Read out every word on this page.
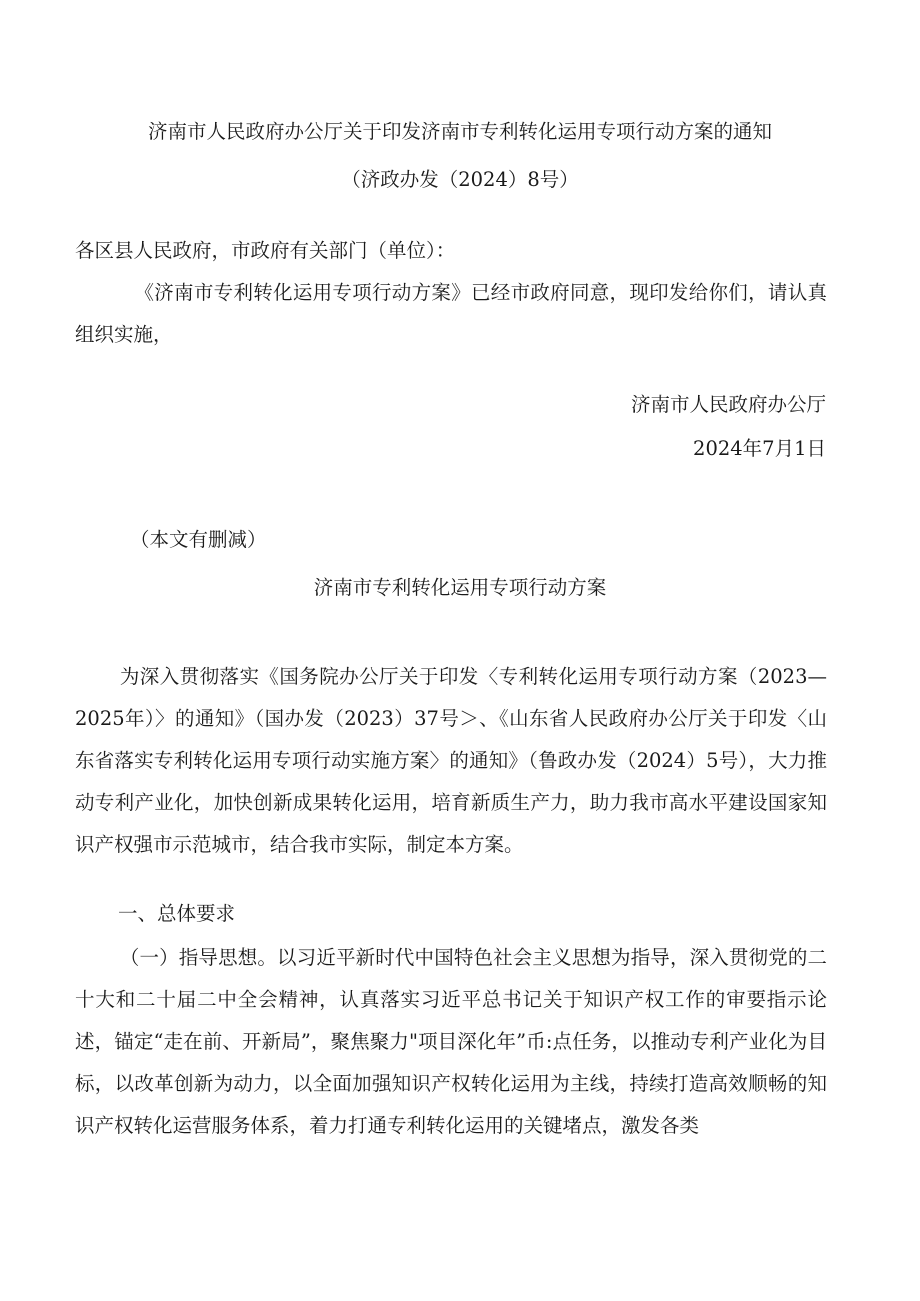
济南市人民政府办公厅关于印发济南市专利转化运用专项行动方案的通知

（济政办发（2024）8号）

各区县人民政府，市政府有关部门（单位）：

《济南市专利转化运用专项行动方案》已经市政府同意，现印发给你们，请认真组织实施，

济南市人民政府办公厅

2024年7月1日

（本文有删减）

济南市专利转化运用专项行动方案

为深入贯彻落实《国务院办公厅关于印发〈专利转化运用专项行动方案（2023—2025年）〉的通知》（国办发（2023）37号＞、《山东省人民政府办公厅关于印发〈山东省落实专利转化运用专项行动实施方案〉的通知》（鲁政办发（2024）5号），大力推动专利产业化，加快创新成果转化运用，培育新质生产力，助力我市高水平建设国家知识产权强市示范城市，结合我市实际，制定本方案。

一、总体要求

（一）指导思想。以习近平新时代中国特色社会主义思想为指导，深入贯彻党的二十大和二十届二中全会精神，认真落实习近平总书记关于知识产权工作的审要指示论述，锚定“走在前、开新局”，聚焦聚力"项目深化年”币:点任务，以推动专利产业化为目标，以改革创新为动力，以全面加强知识产权转化运用为主线，持续打造高效顺畅的知识产权转化运营服务体系，着力打通专利转化运用的关键堵点，激发各类
